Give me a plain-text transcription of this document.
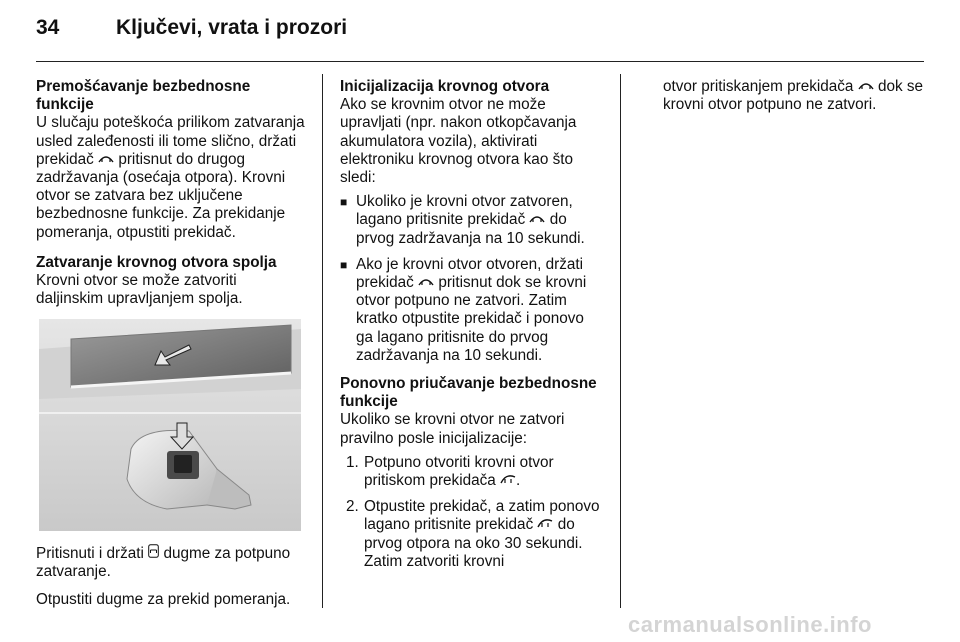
34	Ključevi, vrata i prozori

Premošćavanje bezbednosne funkcije

U slučaju poteškoća prilikom zatvaranja usled zaleđenosti ili tome slično, držati prekidač pritisnut do drugog zadržavanja (osećaja otpora). Krovni otvor se zatvara bez uključene bezbednosne funkcije. Za prekidanje pomeranja, otpustiti prekidač.

Zatvaranje krovnog otvora spolja

Krovni otvor se može zatvoriti daljinskim upravljanjem spolja.

Pritisnuti i držati dugme za potpuno zatvaranje.

Otpustiti dugme za prekid pomeranja.

Inicijalizacija krovnog otvora

Ako se krovnim otvor ne može upravljati (npr. nakon otkopčavanja akumulatora vozila), aktivirati elektroniku krovnog otvora kao što sledi:

■ Ukoliko je krovni otvor zatvoren, lagano pritisnite prekidač do prvog zadržavanja na 10 sekundi.
■ Ako je krovni otvor otvoren, držati prekidač pritisnut dok se krovni otvor potpuno ne zatvori. Zatim kratko otpustite prekidač i ponovo ga lagano pritisnite do prvog zadržavanja na 10 sekundi.

Ponovno priučavanje bezbednosne funkcije

Ukoliko se krovni otvor ne zatvori pravilno posle inicijalizacije:

1. Potpuno otvoriti krovni otvor pritiskom prekidača .
2. Otpustite prekidač, a zatim ponovo lagano pritisnite prekidač do prvog otpora na oko 30 sekundi. Zatim zatvoriti krovni

otvor pritiskanjem prekidača dok se krovni otvor potpuno ne zatvori.

carmanualsonline.info
